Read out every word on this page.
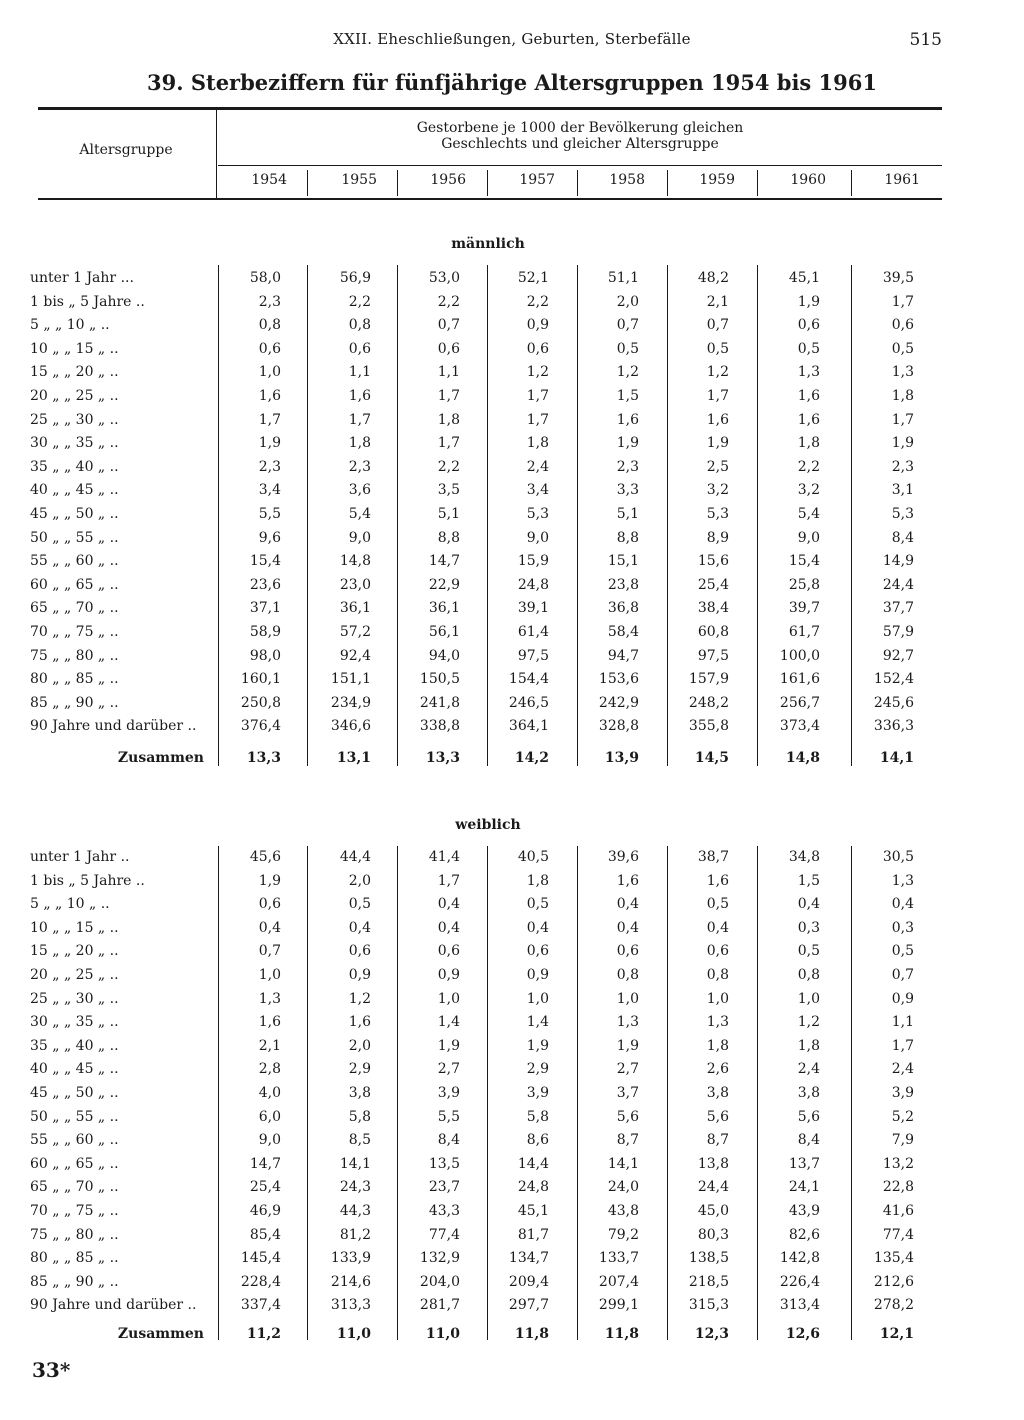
XXII. Eheschließungen, Geburten, Sterbefälle	515
39. Sterbeziffern für fünfjährige Altersgruppen 1954 bis 1961
Altersgruppe
Gestorbene je 1000 der Bevölkerung gleichen
Geschlechts und gleicher Altersgruppe
1954	1955	1956	1957	1958	1959	1960	1961
männlich
unter 1 Jahr ...	58,0	56,9	53,0	52,1	51,1	48,2	45,1	39,5
1 bis „ 5 Jahre ..	2,3	2,2	2,2	2,2	2,0	2,1	1,9	1,7
5 „ „ 10 „ ..	0,8	0,8	0,7	0,9	0,7	0,7	0,6	0,6
10 „ „ 15 „ ..	0,6	0,6	0,6	0,6	0,5	0,5	0,5	0,5
15 „ „ 20 „ ..	1,0	1,1	1,1	1,2	1,2	1,2	1,3	1,3
20 „ „ 25 „ ..	1,6	1,6	1,7	1,7	1,5	1,7	1,6	1,8
25 „ „ 30 „ ..	1,7	1,7	1,8	1,7	1,6	1,6	1,6	1,7
30 „ „ 35 „ ..	1,9	1,8	1,7	1,8	1,9	1,9	1,8	1,9
35 „ „ 40 „ ..	2,3	2,3	2,2	2,4	2,3	2,5	2,2	2,3
40 „ „ 45 „ ..	3,4	3,6	3,5	3,4	3,3	3,2	3,2	3,1
45 „ „ 50 „ ..	5,5	5,4	5,1	5,3	5,1	5,3	5,4	5,3
50 „ „ 55 „ ..	9,6	9,0	8,8	9,0	8,8	8,9	9,0	8,4
55 „ „ 60 „ ..	15,4	14,8	14,7	15,9	15,1	15,6	15,4	14,9
60 „ „ 65 „ ..	23,6	23,0	22,9	24,8	23,8	25,4	25,8	24,4
65 „ „ 70 „ ..	37,1	36,1	36,1	39,1	36,8	38,4	39,7	37,7
70 „ „ 75 „ ..	58,9	57,2	56,1	61,4	58,4	60,8	61,7	57,9
75 „ „ 80 „ ..	98,0	92,4	94,0	97,5	94,7	97,5	100,0	92,7
80 „ „ 85 „ ..	160,1	151,1	150,5	154,4	153,6	157,9	161,6	152,4
85 „ „ 90 „ ..	250,8	234,9	241,8	246,5	242,9	248,2	256,7	245,6
90 Jahre und darüber ..	376,4	346,6	338,8	364,1	328,8	355,8	373,4	336,3
Zusammen	13,3	13,1	13,3	14,2	13,9	14,5	14,8	14,1
weiblich
unter 1 Jahr ..	45,6	44,4	41,4	40,5	39,6	38,7	34,8	30,5
1 bis „ 5 Jahre ..	1,9	2,0	1,7	1,8	1,6	1,6	1,5	1,3
5 „ „ 10 „ ..	0,6	0,5	0,4	0,5	0,4	0,5	0,4	0,4
10 „ „ 15 „ ..	0,4	0,4	0,4	0,4	0,4	0,4	0,3	0,3
15 „ „ 20 „ ..	0,7	0,6	0,6	0,6	0,6	0,6	0,5	0,5
20 „ „ 25 „ ..	1,0	0,9	0,9	0,9	0,8	0,8	0,8	0,7
25 „ „ 30 „ ..	1,3	1,2	1,0	1,0	1,0	1,0	1,0	0,9
30 „ „ 35 „ ..	1,6	1,6	1,4	1,4	1,3	1,3	1,2	1,1
35 „ „ 40 „ ..	2,1	2,0	1,9	1,9	1,9	1,8	1,8	1,7
40 „ „ 45 „ ..	2,8	2,9	2,7	2,9	2,7	2,6	2,4	2,4
45 „ „ 50 „ ..	4,0	3,8	3,9	3,9	3,7	3,8	3,8	3,9
50 „ „ 55 „ ..	6,0	5,8	5,5	5,8	5,6	5,6	5,6	5,2
55 „ „ 60 „ ..	9,0	8,5	8,4	8,6	8,7	8,7	8,4	7,9
60 „ „ 65 „ ..	14,7	14,1	13,5	14,4	14,1	13,8	13,7	13,2
65 „ „ 70 „ ..	25,4	24,3	23,7	24,8	24,0	24,4	24,1	22,8
70 „ „ 75 „ ..	46,9	44,3	43,3	45,1	43,8	45,0	43,9	41,6
75 „ „ 80 „ ..	85,4	81,2	77,4	81,7	79,2	80,3	82,6	77,4
80 „ „ 85 „ ..	145,4	133,9	132,9	134,7	133,7	138,5	142,8	135,4
85 „ „ 90 „ ..	228,4	214,6	204,0	209,4	207,4	218,5	226,4	212,6
90 Jahre und darüber ..	337,4	313,3	281,7	297,7	299,1	315,3	313,4	278,2
Zusammen	11,2	11,0	11,0	11,8	11,8	12,3	12,6	12,1
33*
